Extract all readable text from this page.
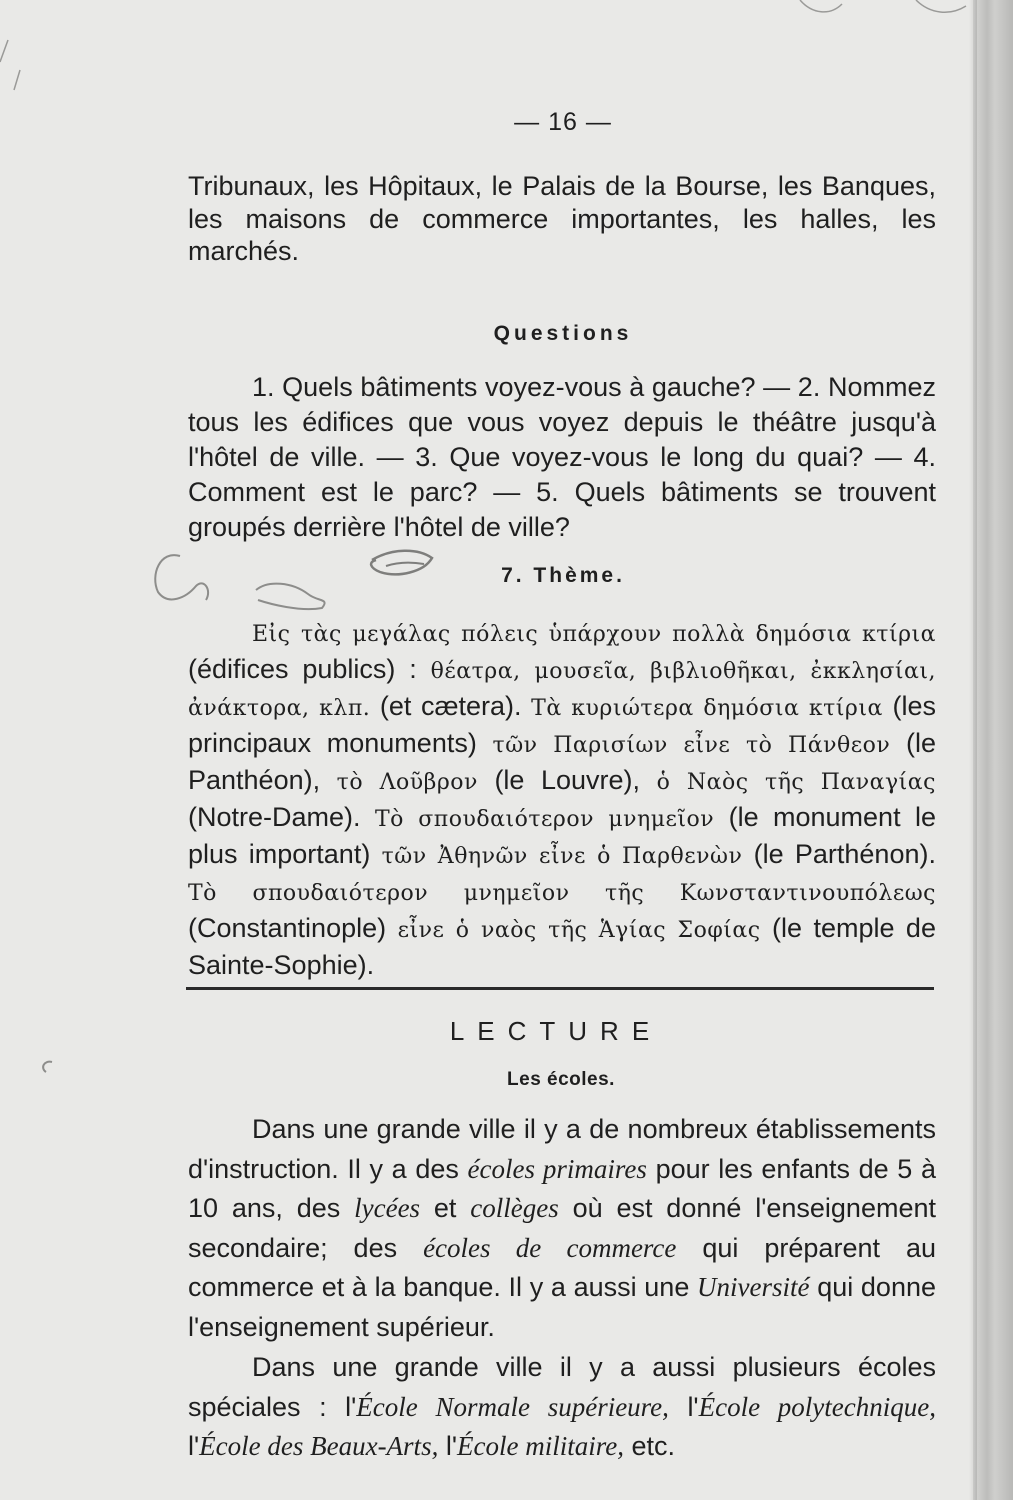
— 16 —

Tribunaux, les Hôpitaux, le Palais de la Bourse, les Banques, les maisons de commerce importantes, les halles, les marchés.

Questions

1. Quels bâtiments voyez-vous à gauche? — 2. Nommez tous les édifices que vous voyez depuis le théâtre jusqu'à l'hôtel de ville. — 3. Que voyez-vous le long du quai? — 4. Comment est le parc? — 5. Quels bâtiments se trouvent groupés derrière l'hôtel de ville?

7. Thème.

Εἰς τὰς μεγάλας πόλεις ὑπάρχουν πολλὰ δημόσια κτίρια (édifices publics) : θέατρα, μουσεῖα, βιβλιοθῆκαι, ἐκκλησίαι, ἀνάκτορα, κλπ. (et cætera). Τὰ κυριώτερα δημόσια κτίρια (les principaux monuments) τῶν Παρισίων εἶνε τὸ Πάνθεον (le Panthéon), τὸ Λοῦβρον (le Louvre), ὁ Ναὸς τῆς Παναγίας (Notre-Dame). Τὸ σπουδαιότερον μνημεῖον (le monument le plus important) τῶν Ἀθηνῶν εἶνε ὁ Παρθενὼν (le Parthénon). Τὸ σπουδαιότερον μνημεῖον τῆς Κωνσταντινουπόλεως (Constantinople) εἶνε ὁ ναὸς τῆς Ἁγίας Σοφίας (le temple de Sainte-Sophie).

LECTURE
Les écoles.

Dans une grande ville il y a de nombreux établissements d'instruction. Il y a des écoles primaires pour les enfants de 5 à 10 ans, des lycées et collèges où est donné l'enseignement secondaire; des écoles de commerce qui préparent au commerce et à la banque. Il y a aussi une Université qui donne l'enseignement supérieur.

Dans une grande ville il y a aussi plusieurs écoles spéciales : l'École Normale supérieure, l'École polytechnique, l'École des Beaux-Arts, l'École militaire, etc.
